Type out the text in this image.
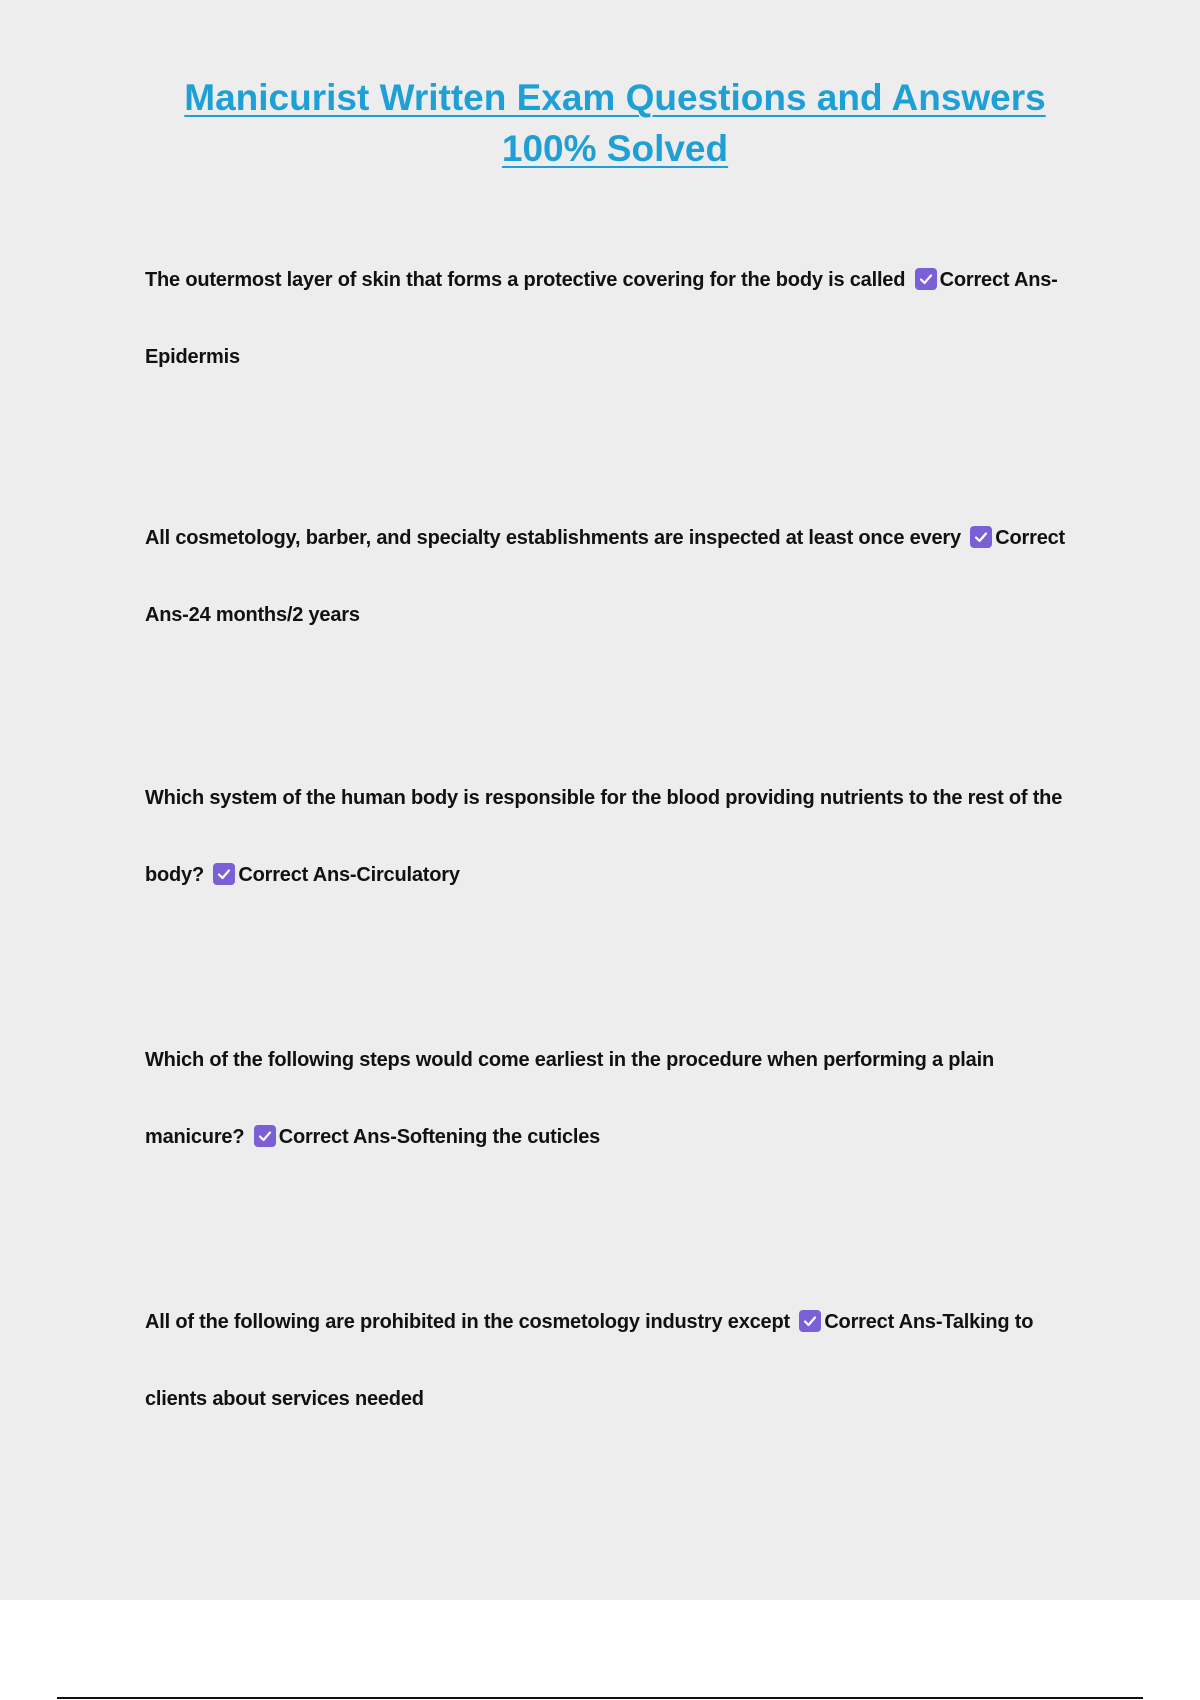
Manicurist Written Exam Questions and Answers 100% Solved

The outermost layer of skin that forms a protective covering for the body is called Correct Ans-Epidermis

All cosmetology, barber, and specialty establishments are inspected at least once every Correct Ans-24 months/2 years

Which system of the human body is responsible for the blood providing nutrients to the rest of the body? Correct Ans-Circulatory

Which of the following steps would come earliest in the procedure when performing a plain manicure? Correct Ans-Softening the cuticles

All of the following are prohibited in the cosmetology industry except Correct Ans-Talking to clients about services needed
